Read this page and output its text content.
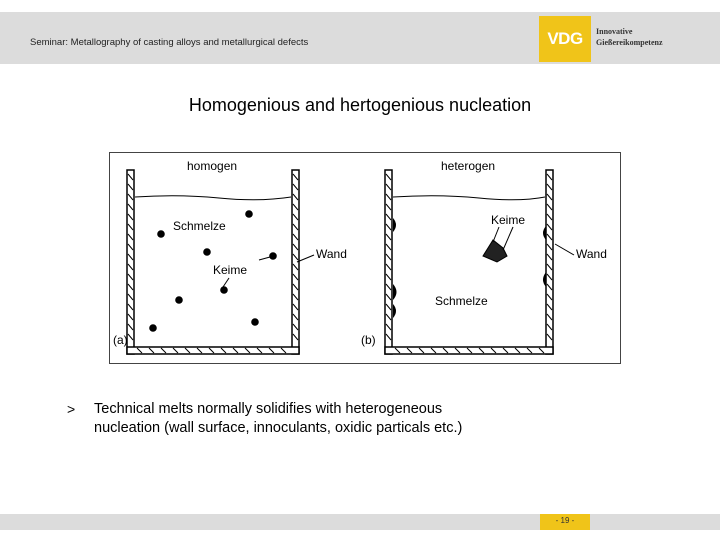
Seminar: Metallography of casting alloys and metallurgical defects	VDG	Innovative
Gießereikompetenz
Homogenious and hertogenious nucleation
homogen
Schmelze
Keime
Wand
(a)
heterogen
Keime
Wand
Schmelze
(b)
> Technical melts normally solidifies with heterogeneous
nucleation (wall surface, innoculants, oxidic particals etc.)
- 19 -
